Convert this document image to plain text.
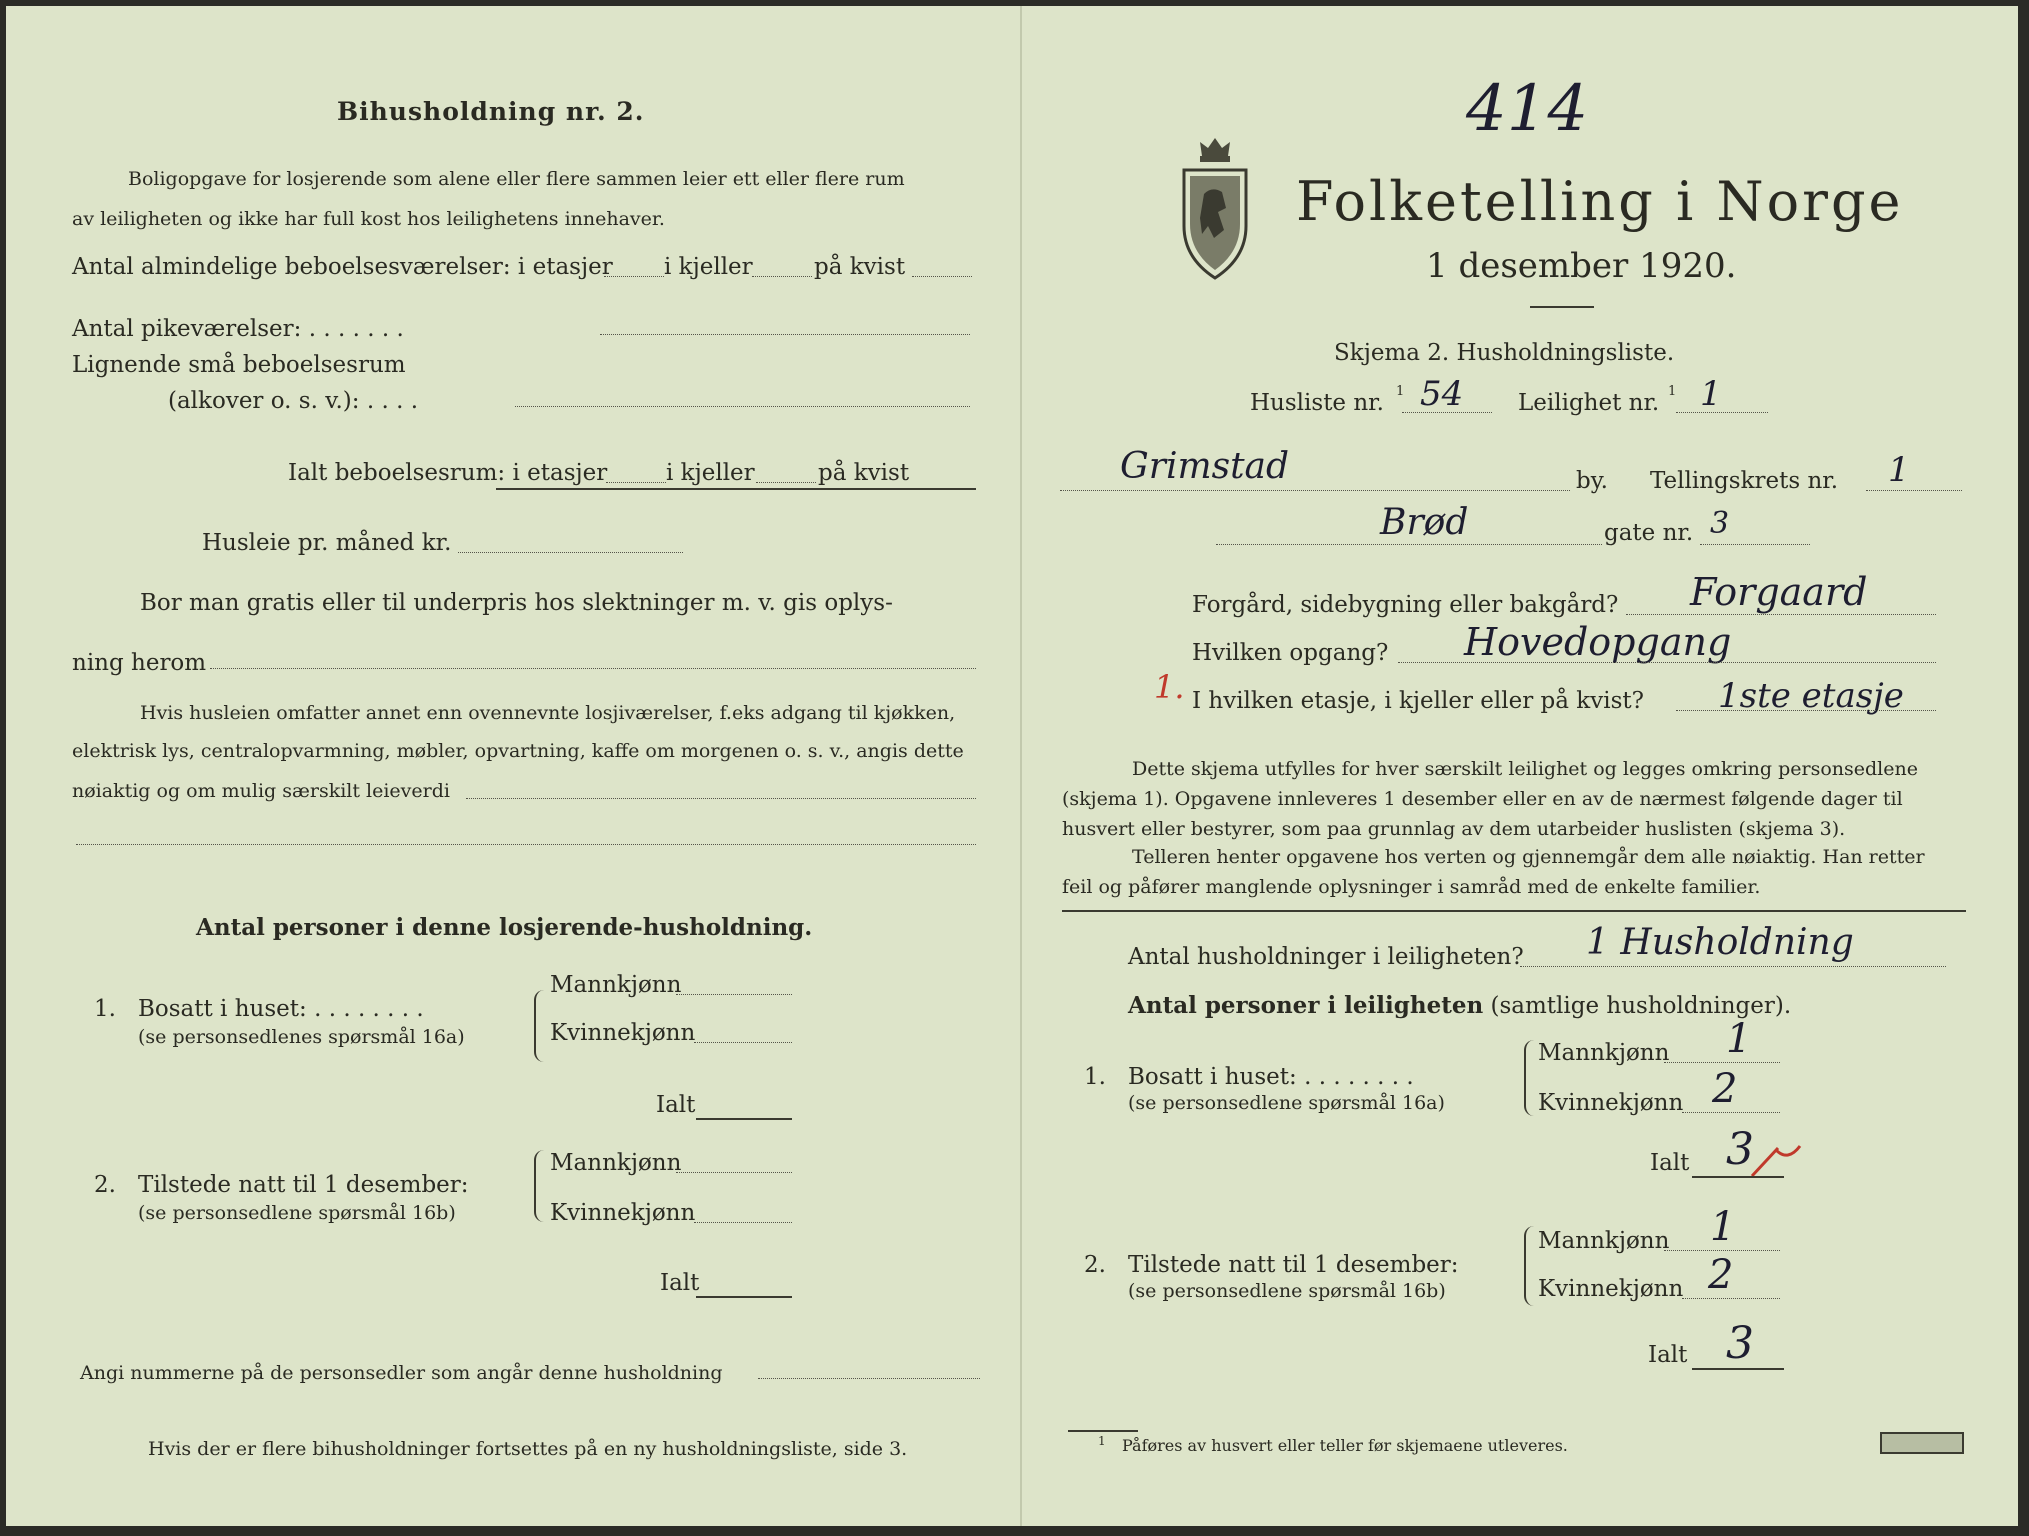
Bihusholdning nr. 2.
Boligopgave for losjerende som alene eller flere sammen leier ett eller flere rum
av leiligheten og ikke har full kost hos leilighetens innehaver.
Antal almindelige beboelsesværelser: i etasjer i kjeller	på kvist
Antal pikeværelser: . . . . . . .
Lignende små beboelsesrum
(alkover o. s. v.): . . . .
Ialt beboelsesrum: i etasjer	i kjeller	på kvist
Husleie pr. måned kr.
Bor man gratis eller til underpris hos slektninger m. v. gis oplys-
ning herom
Hvis husleien omfatter annet enn ovennevnte losjiværelser, f.eks adgang til kjøkken,
elektrisk lys, centralopvarmning, møbler, opvartning, kaffe om morgenen o. s. v., angis dette
nøiaktig og om mulig særskilt leieverdi
Antal personer i denne losjerende-husholdning.
1. Bosatt i huset: . . . . . . . .
(se personsedlenes spørsmål 16a)
Mannkjønn
Kvinnekjønn
Ialt
2. Tilstede natt til 1 desember:
(se personsedlene spørsmål 16b)
Mannkjønn
Kvinnekjønn
Ialt
Angi nummerne på de personsedler som angår denne husholdning
Hvis der er flere bihusholdninger fortsettes på en ny husholdningsliste, side 3.
414
Folketelling i Norge
1 desember 1920.
Skjema 2. Husholdningsliste.
Husliste nr. 1 54 Leilighet nr. 1 1
Grimstad	by. Tellingskrets nr. 1
Brød	gate nr. 3
Forgård, sidebygning eller bakgård? Forgaard
Hvilken opgang? Hovedopgang
1. I hvilken etasje, i kjeller eller på kvist? 1ste etasje
Dette skjema utfylles for hver særskilt leilighet og legges omkring personsedlene
(skjema 1). Opgavene innleveres 1 desember eller en av de nærmest følgende dager til
husvert eller bestyrer, som paa grunnlag av dem utarbeider huslisten (skjema 3).
Telleren henter opgavene hos verten og gjennemgår dem alle nøiaktig. Han retter
feil og påfører manglende oplysninger i samråd med de enkelte familier.
Antal husholdninger i leiligheten? 1 Husholdning
Antal personer i leiligheten (samtlige husholdninger).
1. Bosatt i huset: . . . . . . . .
(se personsedlene spørsmål 16a)
Mannkjønn 1
Kvinnekjønn 2
Ialt 3
2. Tilstede natt til 1 desember:
(se personsedlene spørsmål 16b)
Mannkjønn 1
Kvinnekjønn 2
Ialt 3
1 Påføres av husvert eller teller før skjemaene utleveres.
